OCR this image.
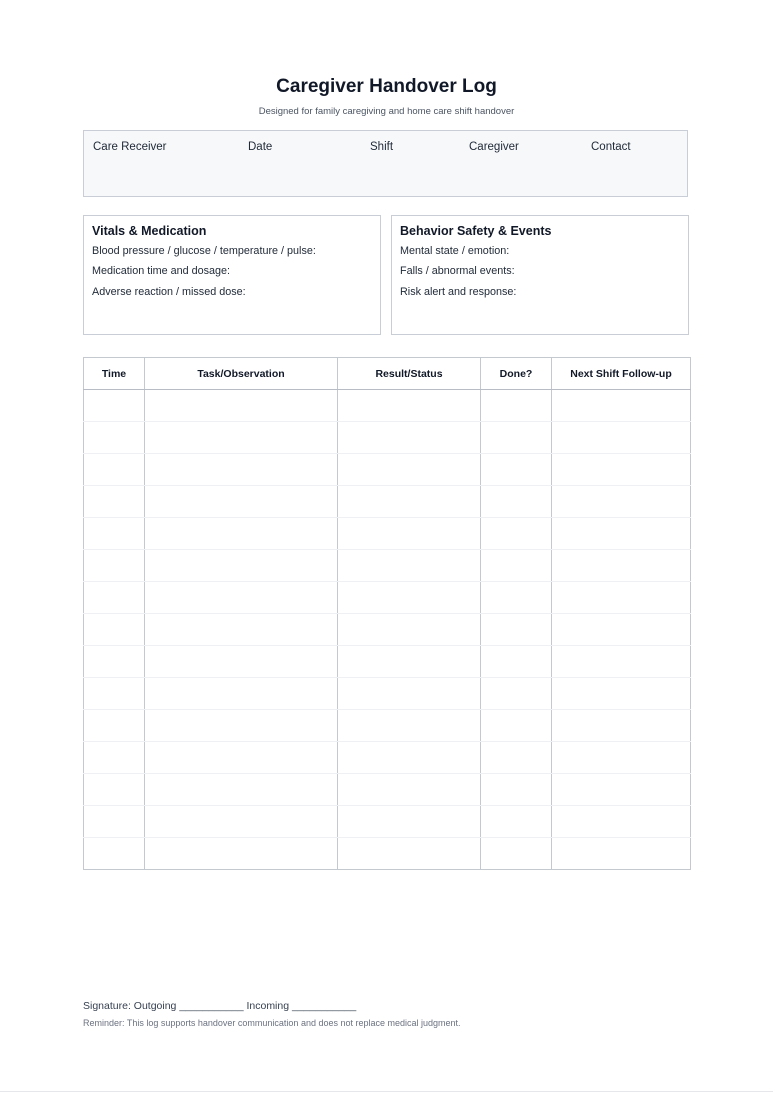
Caregiver Handover Log
Designed for family caregiving and home care shift handover
Care Receiver	Date	Shift	Caregiver	Contact
Vitals & Medication
Blood pressure / glucose / temperature / pulse:
Medication time and dosage:
Adverse reaction / missed dose:
Behavior Safety & Events
Mental state / emotion:
Falls / abnormal events:
Risk alert and response:
Time	Task/Observation	Result/Status	Done?	Next Shift Follow-up

Signature: Outgoing ___________ Incoming ___________
Reminder: This log supports handover communication and does not replace medical judgment.
